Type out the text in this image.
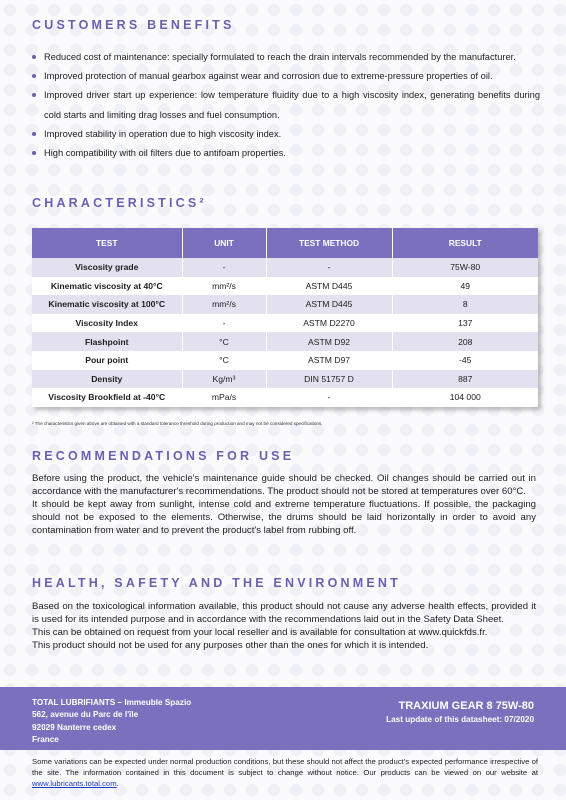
CUSTOMERS BENEFITS
Reduced cost of maintenance: specially formulated to reach the drain intervals recommended by the manufacturer.
Improved protection of manual gearbox against wear and corrosion due to extreme-pressure properties of oil.
Improved driver start up experience: low temperature fluidity due to a high viscosity index, generating benefits during cold starts and limiting drag losses and fuel consumption.
Improved stability in operation due to high viscosity index.
High compatibility with oil filters due to antifoam properties.
CHARACTERISTICS²
TEST	UNIT	TEST METHOD	RESULT
Viscosity grade	-	-	75W-80
Kinematic viscosity at 40°C	mm²/s	ASTM D445	49
Kinematic viscosity at 100°C	mm²/s	ASTM D445	8
Viscosity Index	-	ASTM D2270	137
Flashpoint	°C	ASTM D92	208
Pour point	°C	ASTM D97	-45
Density	Kg/m³	DIN 51757 D	887
Viscosity Brookfield at -40°C	mPa/s	-	104 000
² The characteristics given above are obtained with a standard tolerance threshold during production and may not be considered specifications.
RECOMMENDATIONS FOR USE

Before using the product, the vehicle's maintenance guide should be checked. Oil changes should be carried out in accordance with the manufacturer's recommendations. The product should not be stored at temperatures over 60°C.

It should be kept away from sunlight, intense cold and extreme temperature fluctuations. If possible, the packaging should not be exposed to the elements. Otherwise, the drums should be laid horizontally in order to avoid any contamination from water and to prevent the product's label from rubbing off.

HEALTH, SAFETY AND THE ENVIRONMENT

Based on the toxicological information available, this product should not cause any adverse health effects, provided it is used for its intended purpose and in accordance with the recommendations laid out in the Safety Data Sheet.

This can be obtained on request from your local reseller and is available for consultation at www.quickfds.fr.

This product should not be used for any purposes other than the ones for which it is intended.

TOTAL LUBRIFIANTS – Immeuble Spazio
562, avenue du Parc de l'île
92029 Nanterre cedex
France
TRAXIUM GEAR 8 75W-80
Last update of this datasheet: 07/2020
Some variations can be expected under normal production conditions, but these should not affect the product's expected performance irrespective of the site. The information contained in this document is subject to change without notice. Our products can be viewed on our website at www.lubricants.total.com.
